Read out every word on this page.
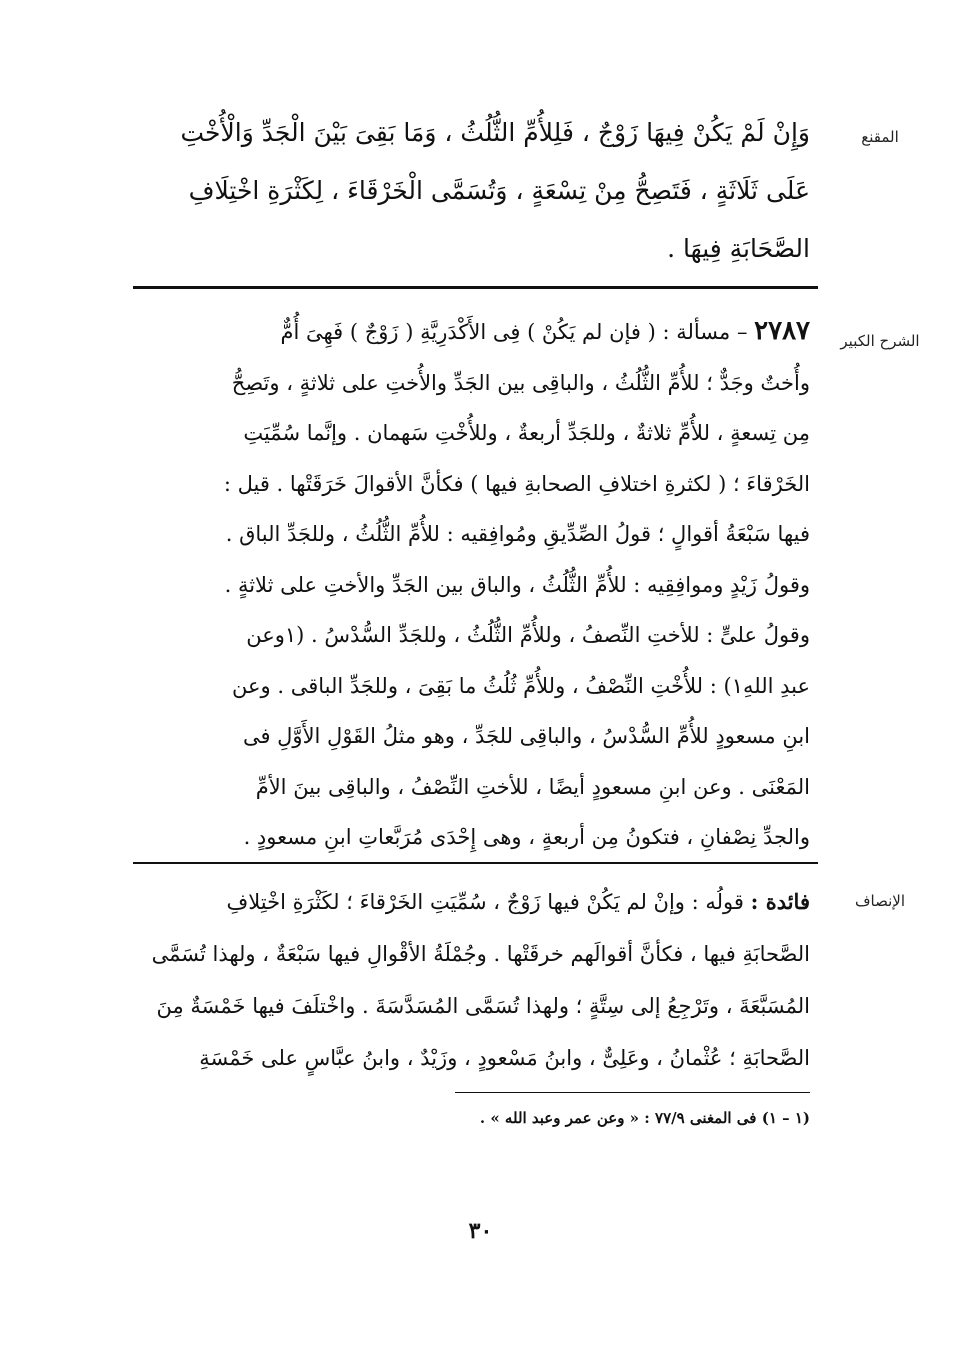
المقنع
وَإِنْ لَمْ يَكُنْ فِيهَا زَوْجٌ ، فَلِلأُمِّ الثُّلُثُ ، وَمَا بَقِىَ بَيْنَ الْجَدِّ وَالْأُخْتِ
عَلَى ثَلَاثَةٍ ، فَتَصِحُّ مِنْ تِسْعَةٍ ، وَتُسَمَّى الْخَرْقَاءَ ، لِكَثْرَةِ اخْتِلَافِ
الصَّحَابَةِ فِيهَا .
الشرح الكبير
٢٧٨٧ – مسألة : ( فإن لم يَكُنْ ) فِى الأَكْدَرِيَّةِ ( زَوْجٌ ) فَهِىَ أُمٌّ
وأُختٌ وجَدٌّ ؛ للأُمِّ الثُّلُثُ ، والباقِى بين الجَدِّ والأُختِ على ثلاثةٍ ، وتَصِحُّ
مِن تِسعةٍ ، للأُمِّ ثلاثةٌ ، وللجَدِّ أربعةٌ ، وللأُخْتِ سَهمان . وإنَّما سُمِّيَتِ
الخَرْقاءَ ؛ ( لكثرةِ اختلافِ الصحابةِ فيها ) فكأنَّ الأقوالَ خَرَقَتْها . قيل :
فيها سَبْعَةُ أقوالٍ ؛ قولُ الصِّدِّيقِ ومُوافِقيه : للأُمِّ الثُّلُثُ ، وللجَدِّ الباق .
وقولُ زَيْدٍ وموافِقِيه : للأُمِّ الثُّلُثُ ، والباق بين الجَدِّ والأختِ على ثلاثةٍ .
وقولُ علىٍّ : للأختِ النِّصفُ ، وللأُمِّ الثُّلُثُ ، وللجَدِّ السُّدْسُ . (١وعن
عبدِ اللهِ١) : للأُخْتِ النِّصْفُ ، وللأُمِّ ثُلُثُ ما بَقِىَ ، وللجَدِّ الباقى . وعن
ابنِ مسعودٍ للأُمِّ السُّدْسُ ، والباقِى للجَدِّ ، وهو مثلُ القَوْلِ الأَوَّلِ فى
المَعْنَى . وعن ابنِ مسعودٍ أيضًا ، للأختِ النِّصْفُ ، والباقِى بينَ الأمِّ
والجدِّ نِصْفانِ ، فتكونُ مِن أربعةٍ ، وهى إِحْدَى مُرَبَّعاتِ ابنِ مسعودٍ .
الإنصاف
فائدة : قولُه : وإنْ لم يَكُنْ فيها زَوْجٌ ، سُمِّيَتِ الخَرْقاءَ ؛ لكَثْرَةِ اخْتِلافِ
الصَّحابَةِ فيها ، فكأنَّ أقوالَهم خرقَتْها . وجُمْلَةُ الأقْوالِ فيها سَبْعَةٌ ، ولهذا تُسَمَّى
المُسَبَّعَةَ ، وتَرْجِعُ إلى سِتَّةٍ ؛ ولهذا تُسَمَّى المُسَدَّسَةَ . واخْتلَفَ فيها خَمْسَةٌ مِنَ
الصَّحابَةِ ؛ عُثْمانُ ، وعَلِىٌّ ، وابنُ مَسْعودٍ ، وزَيْدٌ ، وابنُ عبَّاسٍ على خَمْسَةِ
(١ – ١) فى المغنى ٧٧/٩ : « وعن عمر وعبد الله » .
٣٠
